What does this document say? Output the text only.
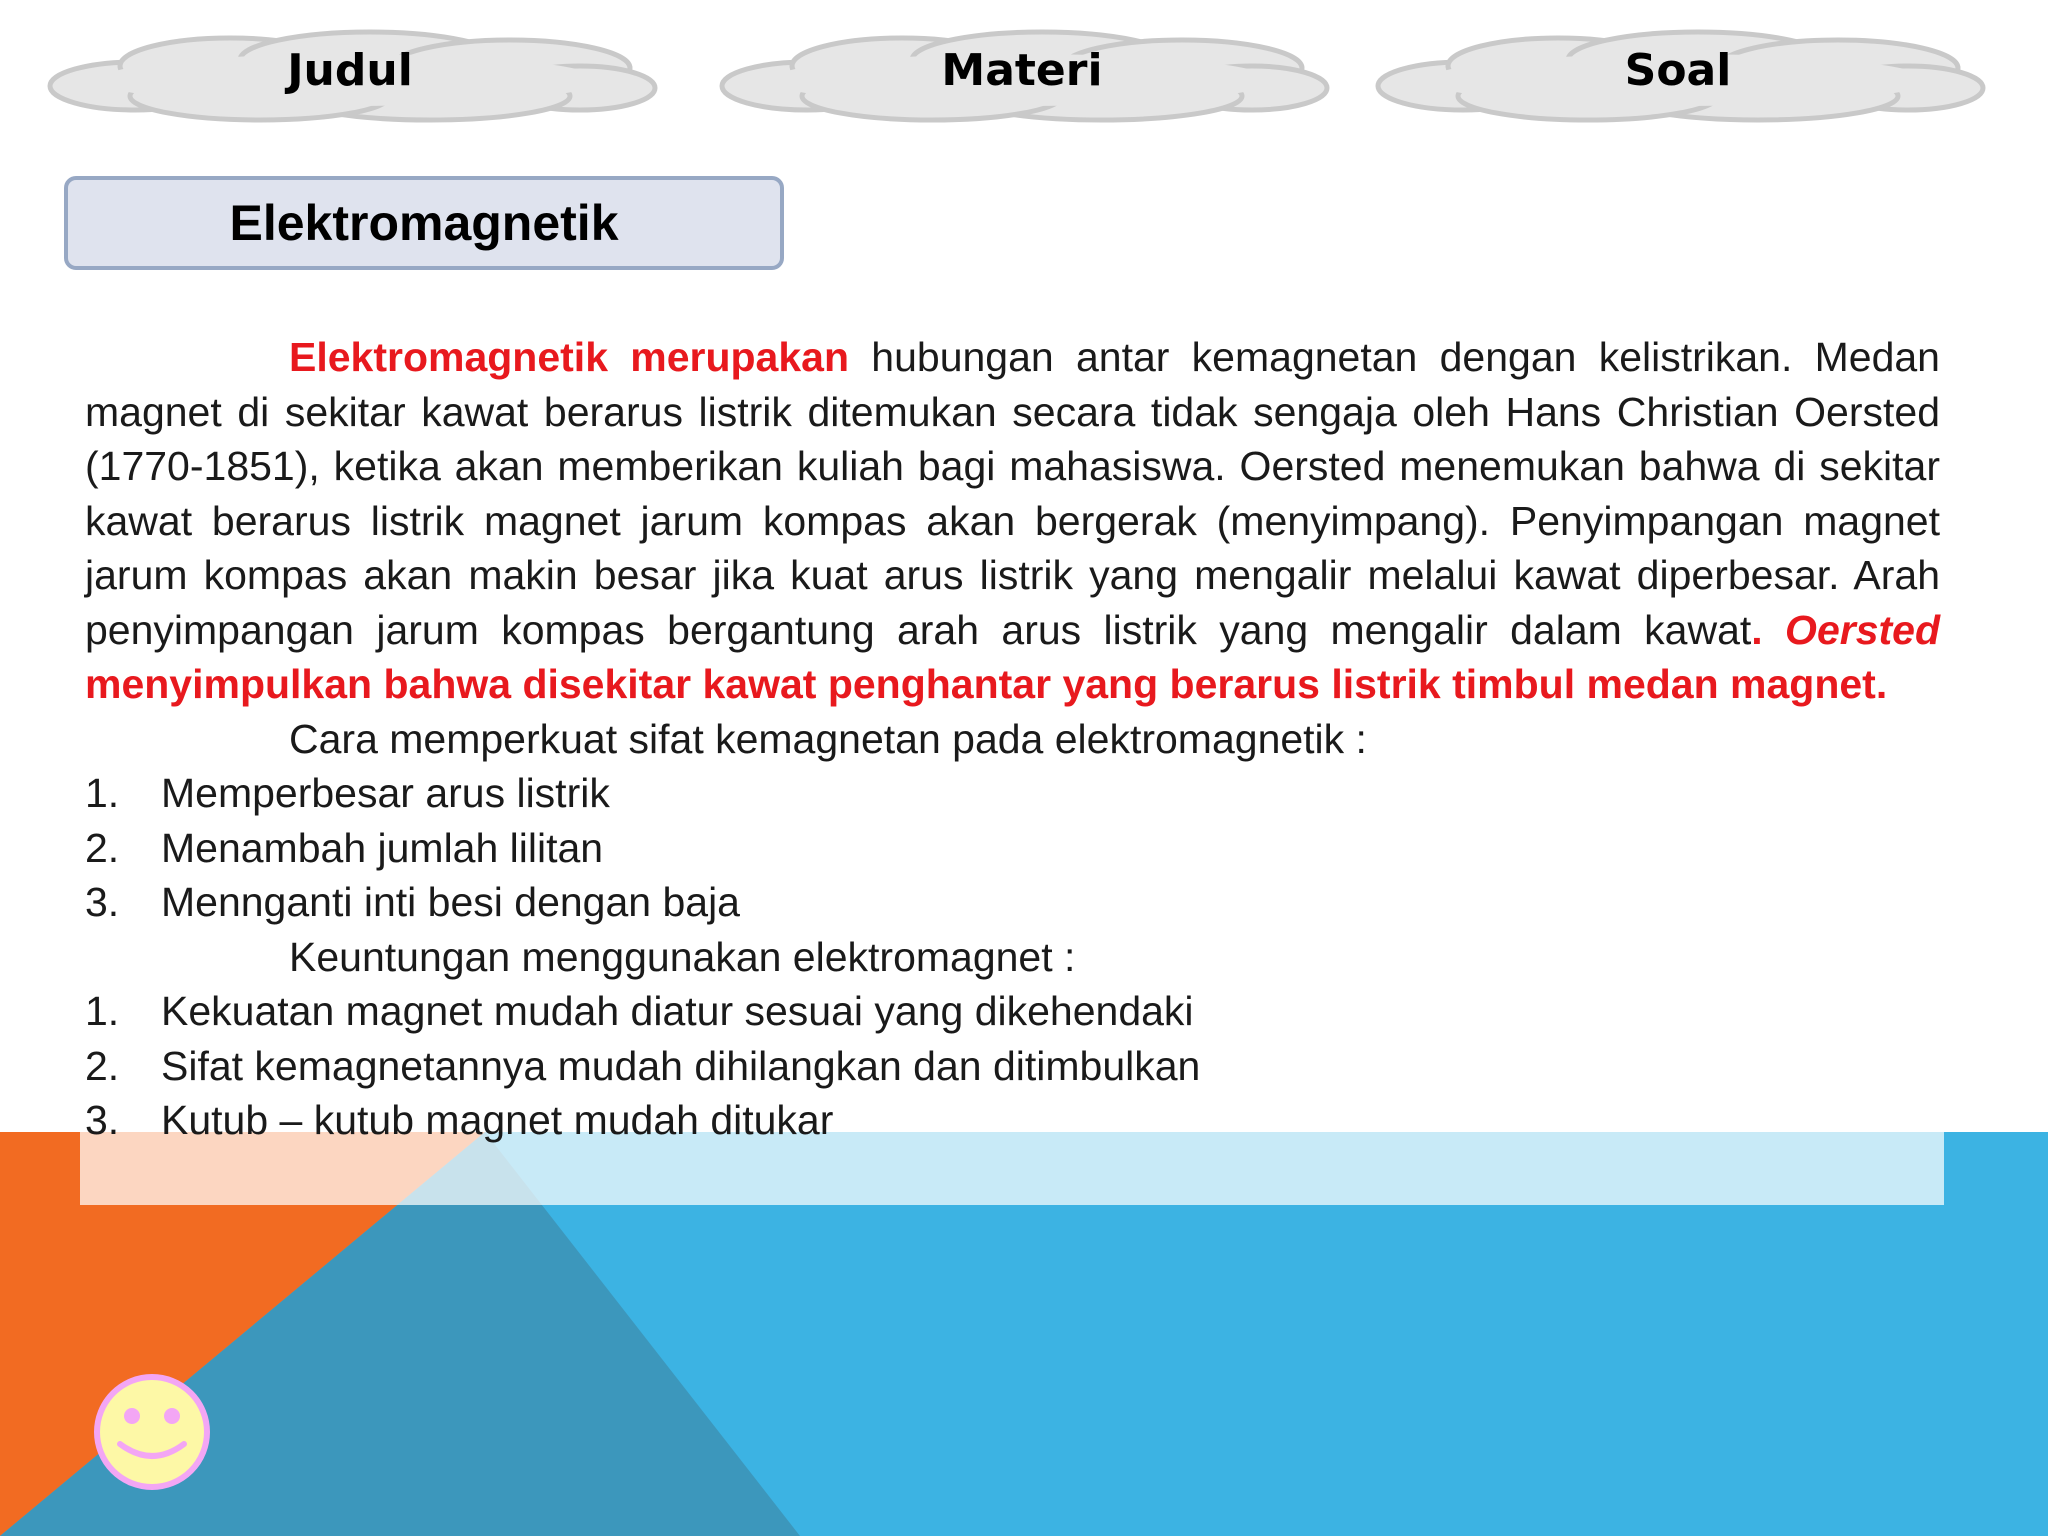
Judul	Materi	Soal
Elektromagnetik

Elektromagnetik merupakan hubungan antar kemagnetan dengan kelistrikan. Medan magnet di sekitar kawat berarus listrik ditemukan secara tidak sengaja oleh Hans Christian Oersted (1770-1851), ketika akan memberikan kuliah bagi mahasiswa. Oersted menemukan bahwa di sekitar kawat berarus listrik magnet jarum kompas akan bergerak (menyimpang). Penyimpangan magnet jarum kompas akan makin besar jika kuat arus listrik yang mengalir melalui kawat diperbesar. Arah penyimpangan jarum kompas bergantung arah arus listrik yang mengalir dalam kawat. Oersted menyimpulkan bahwa disekitar kawat penghantar yang berarus listrik timbul medan magnet.

Cara memperkuat sifat kemagnetan pada elektromagnetik :
1. Memperbesar arus listrik
2. Menambah jumlah lilitan
3. Mennganti inti besi dengan baja
Keuntungan menggunakan elektromagnet :
1. Kekuatan magnet mudah diatur sesuai yang dikehendaki
2. Sifat kemagnetannya mudah dihilangkan dan ditimbulkan
3. Kutub – kutub magnet mudah ditukar
